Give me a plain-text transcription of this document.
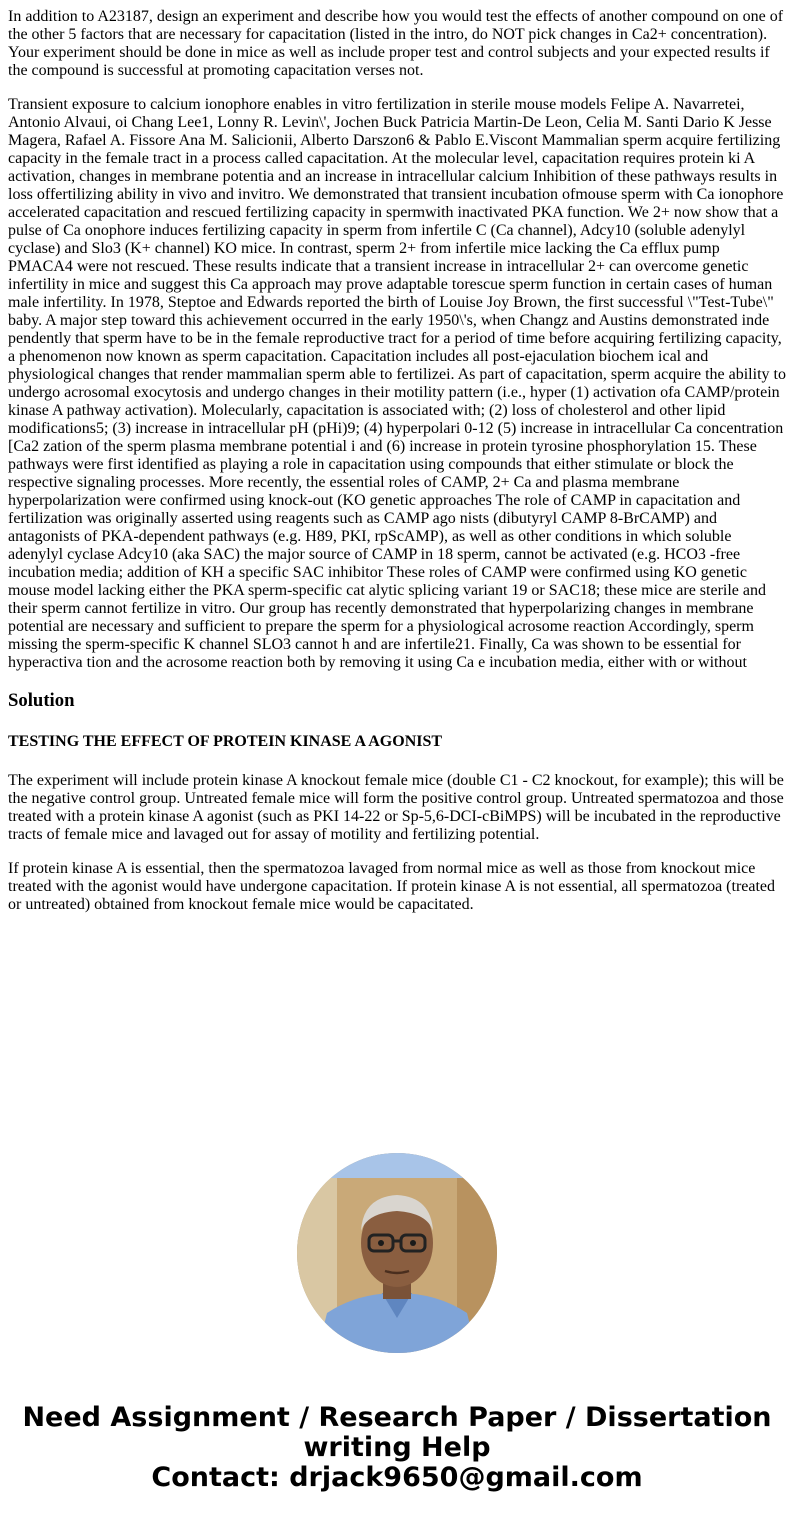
In addition to A23187, design an experiment and describe how you would test the effects of another compound on one of the other 5 factors that are necessary for capacitation (listed in the intro, do NOT pick changes in Ca2+ concentration). Your experiment should be done in mice as well as include proper test and control subjects and your expected results if the compound is successful at promoting capacitation verses not.

Transient exposure to calcium ionophore enables in vitro fertilization in sterile mouse models Felipe A. Navarretei, Antonio Alvaui, oi Chang Lee1, Lonny R. Levin\', Jochen Buck Patricia Martin-De Leon, Celia M. Santi Dario K Jesse Magera, Rafael A. Fissore Ana M. Salicionii, Alberto Darszon6 & Pablo E.Viscont Mammalian sperm acquire fertilizing capacity in the female tract in a process called capacitation. At the molecular level, capacitation requires protein ki A activation, changes in membrane potentia and an increase in intracellular calcium Inhibition of these pathways results in loss offertilizing ability in vivo and invitro. We demonstrated that transient incubation ofmouse sperm with Ca ionophore accelerated capacitation and rescued fertilizing capacity in spermwith inactivated PKA function. We 2+ now show that a pulse of Ca onophore induces fertilizing capacity in sperm from infertile C (Ca channel), Adcy10 (soluble adenylyl cyclase) and Slo3 (K+ channel) KO mice. In contrast, sperm 2+ from infertile mice lacking the Ca efflux pump PMACA4 were not rescued. These results indicate that a transient increase in intracellular 2+ can overcome genetic infertility in mice and suggest this Ca approach may prove adaptable torescue sperm function in certain cases of human male infertility. In 1978, Steptoe and Edwards reported the birth of Louise Joy Brown, the first successful \"Test-Tube\" baby. A major step toward this achievement occurred in the early 1950\'s, when Changz and Austins demonstrated inde pendently that sperm have to be in the female reproductive tract for a period of time before acquiring fertilizing capacity, a phenomenon now known as sperm capacitation. Capacitation includes all post-ejaculation biochem ical and physiological changes that render mammalian sperm able to fertilizei. As part of capacitation, sperm acquire the ability to undergo acrosomal exocytosis and undergo changes in their motility pattern (i.e., hyper (1) activation ofa CAMP/protein kinase A pathway activation). Molecularly, capacitation is associated with; (2) loss of cholesterol and other lipid modifications5; (3) increase in intracellular pH (pHi)9; (4) hyperpolari 0-12 (5) increase in intracellular Ca concentration [Ca2 zation of the sperm plasma membrane potential i and (6) increase in protein tyrosine phosphorylation 15. These pathways were first identified as playing a role in capacitation using compounds that either stimulate or block the respective signaling processes. More recently, the essential roles of CAMP, 2+ Ca and plasma membrane hyperpolarization were confirmed using knock-out (KO genetic approaches The role of CAMP in capacitation and fertilization was originally asserted using reagents such as CAMP ago nists (dibutyryl CAMP 8-BrCAMP) and antagonists of PKA-dependent pathways (e.g. H89, PKI, rpScAMP), as well as other conditions in which soluble adenylyl cyclase Adcy10 (aka SAC) the major source of CAMP in 18 sperm, cannot be activated (e.g. HCO3 -free incubation media; addition of KH a specific SAC inhibitor These roles of CAMP were confirmed using KO genetic mouse model lacking either the PKA sperm-specific cat alytic splicing variant 19 or SAC18; these mice are sterile and their sperm cannot fertilize in vitro. Our group has recently demonstrated that hyperpolarizing changes in membrane potential are necessary and sufficient to prepare the sperm for a physiological acrosome reaction Accordingly, sperm missing the sperm-specific K channel SLO3 cannot h and are infertile21. Finally, Ca was shown to be essential for hyperactiva tion and the acrosome reaction both by removing it using Ca e incubation media, either with or without

Solution
TESTING THE EFFECT OF PROTEIN KINASE A AGONIST

The experiment will include protein kinase A knockout female mice (double C1 - C2 knockout, for example); this will be the negative control group. Untreated female mice will form the positive control group. Untreated spermatozoa and those treated with a protein kinase A agonist (such as PKI 14-22 or Sp-5,6-DCI-cBiMPS) will be incubated in the reproductive tracts of female mice and lavaged out for assay of motility and fertilizing potential.

If protein kinase A is essential, then the spermatozoa lavaged from normal mice as well as those from knockout mice treated with the agonist would have undergone capacitation. If protein kinase A is not essential, all spermatozoa (treated or untreated) obtained from knockout female mice would be capacitated.

Need Assignment / Research Paper / Dissertation
writing Help
Contact: drjack9650@gmail.com
